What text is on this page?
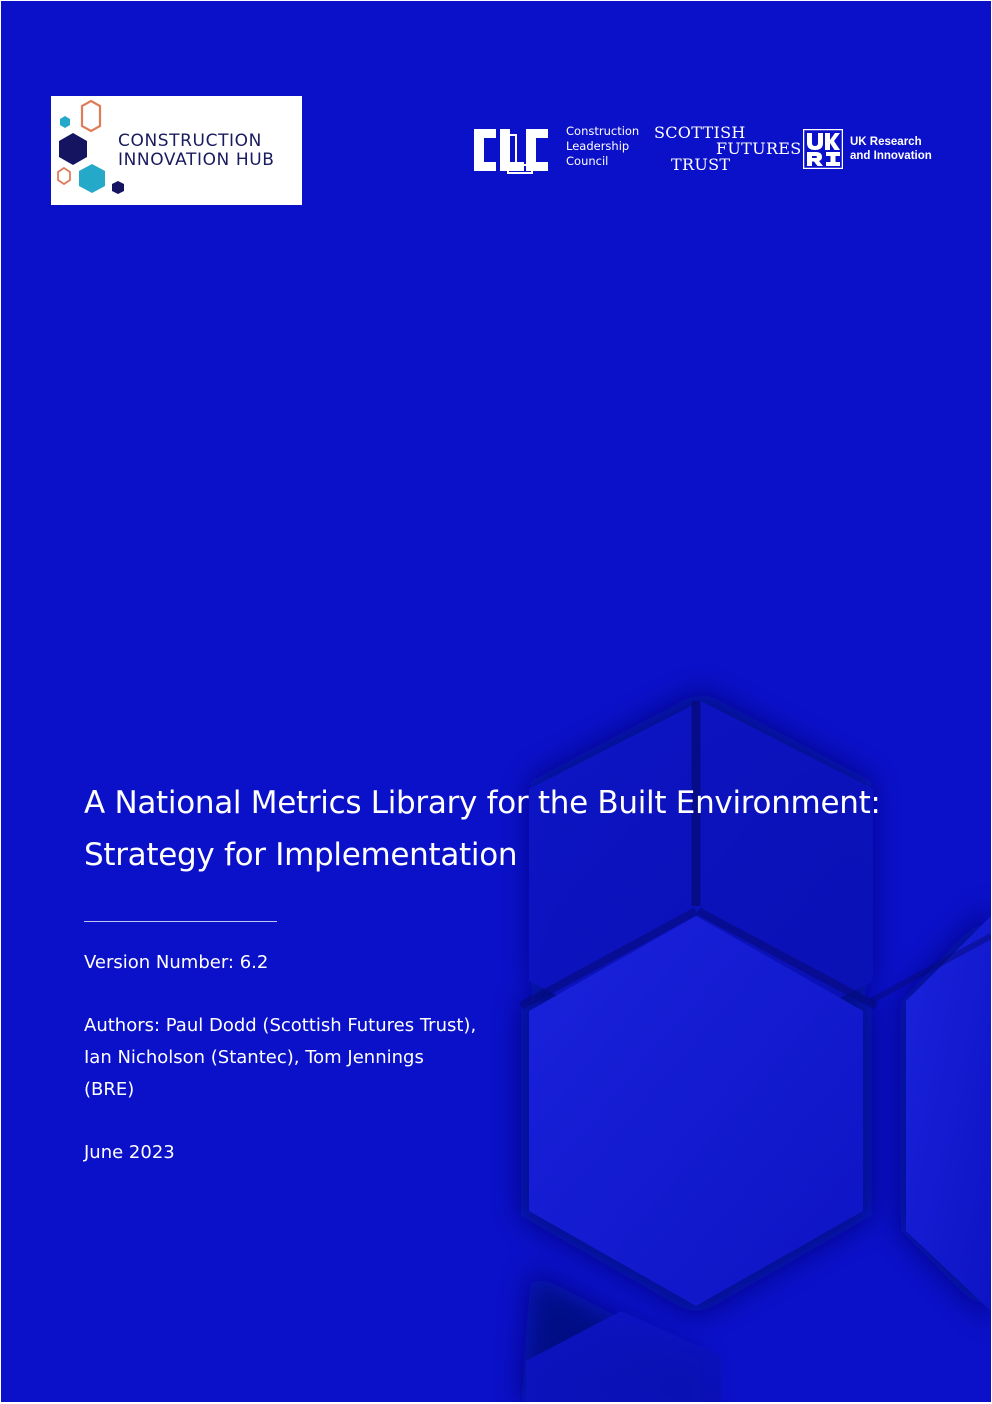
CONSTRUCTION
INNOVATION HUB
Construction
Leadership
Council
SCOTTISH
FUTURES
TRUST
UK Research
and Innovation
A National Metrics Library for the Built Environment:
Strategy for Implementation
Version Number: 6.2
Authors: Paul Dodd (Scottish Futures Trust),
Ian Nicholson (Stantec), Tom Jennings
(BRE)
June 2023
